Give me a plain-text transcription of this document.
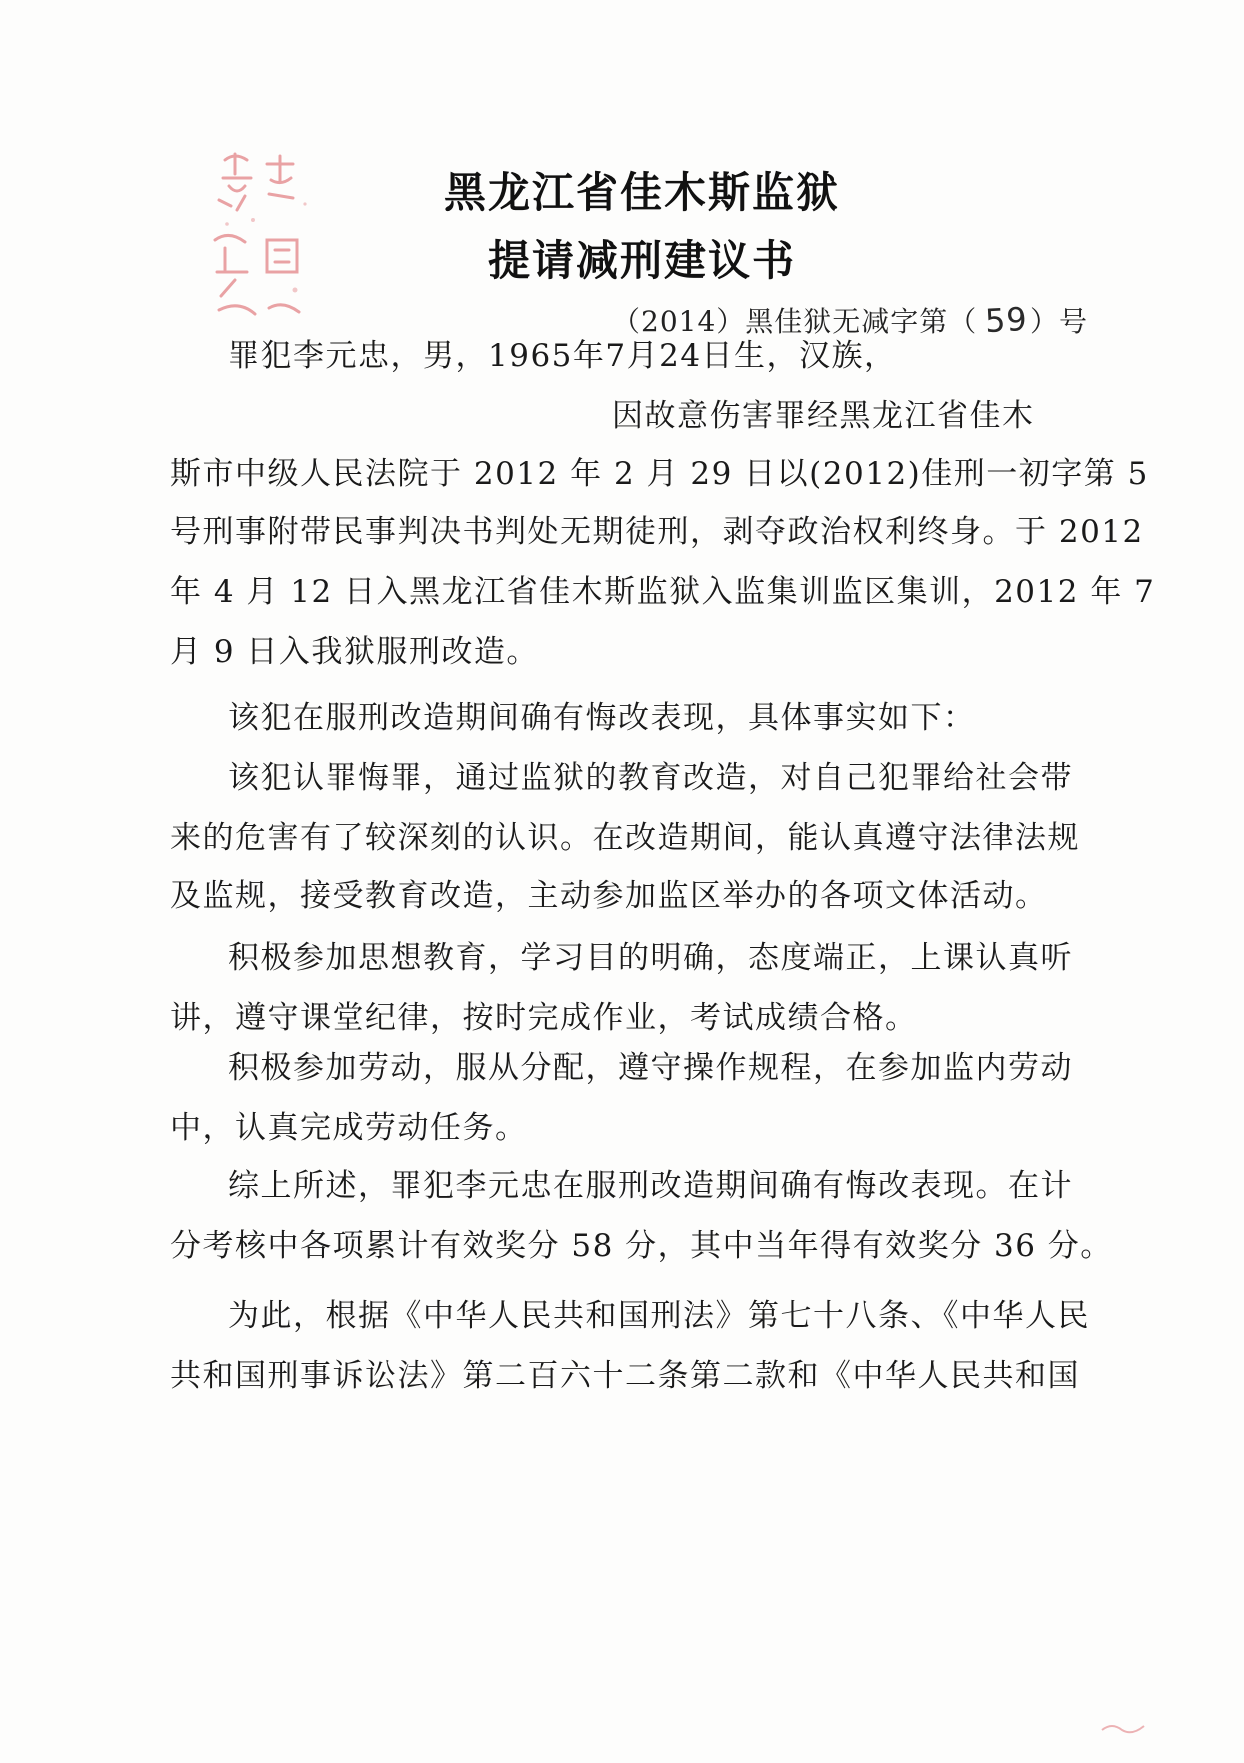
黑龙江省佳木斯监狱
提请减刑建议书
（2014）黑佳狱无减字第（ 59）号
罪犯李元忠，男，1965年7月24日生，汉族，
因故意伤害罪经黑龙江省佳木
斯市中级人民法院于 2012 年 2 月 29 日以(2012)佳刑一初字第 5
号刑事附带民事判决书判处无期徒刑，剥夺政治权利终身。于 2012
年 4 月 12 日入黑龙江省佳木斯监狱入监集训监区集训，2012 年 7
月 9 日入我狱服刑改造。
该犯在服刑改造期间确有悔改表现，具体事实如下：
该犯认罪悔罪，通过监狱的教育改造，对自己犯罪给社会带
来的危害有了较深刻的认识。在改造期间，能认真遵守法律法规
及监规，接受教育改造，主动参加监区举办的各项文体活动。
积极参加思想教育，学习目的明确，态度端正，上课认真听
讲，遵守课堂纪律，按时完成作业，考试成绩合格。
积极参加劳动，服从分配，遵守操作规程，在参加监内劳动
中，认真完成劳动任务。
综上所述，罪犯李元忠在服刑改造期间确有悔改表现。在计
分考核中各项累计有效奖分 58 分，其中当年得有效奖分 36 分。
为此，根据《中华人民共和国刑法》第七十八条、《中华人民
共和国刑事诉讼法》第二百六十二条第二款和《中华人民共和国
